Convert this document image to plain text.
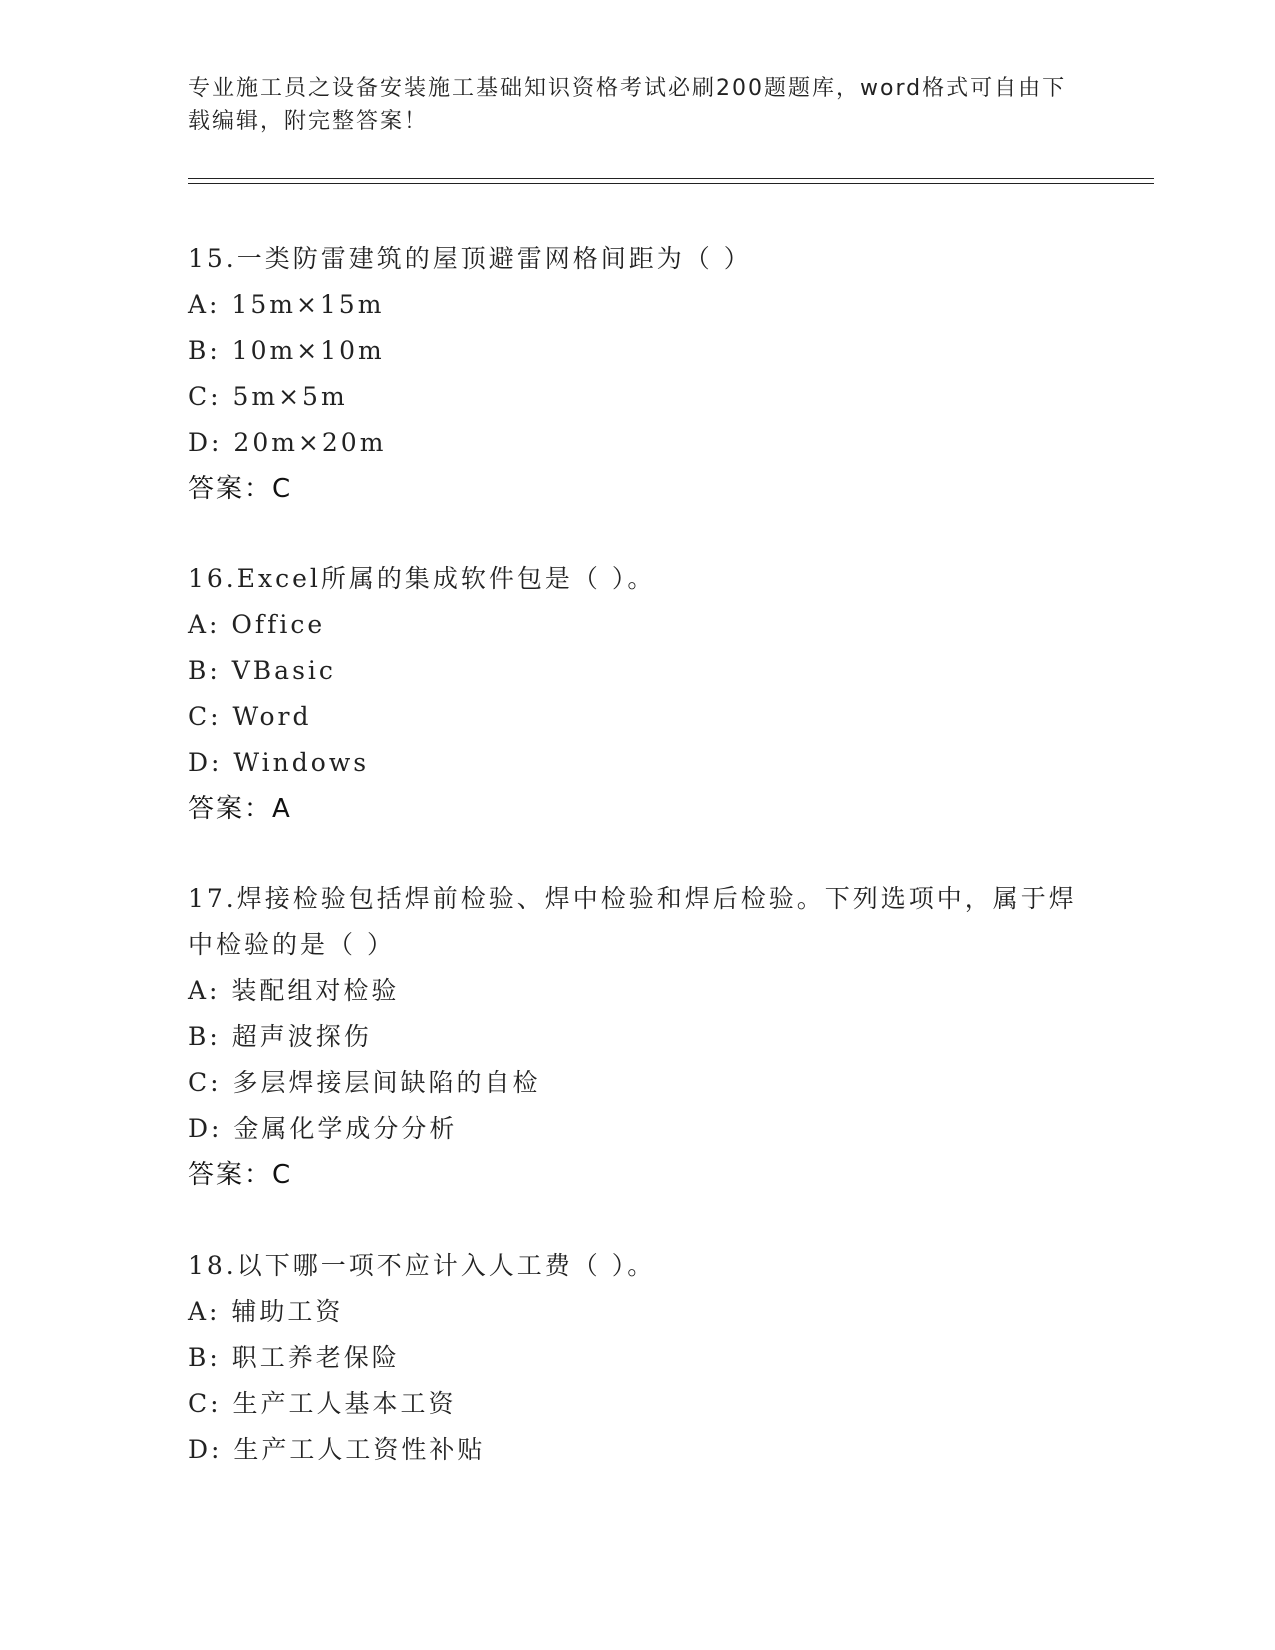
专业施工员之设备安装施工基础知识资格考试必刷200题题库，word格式可自由下载编辑，附完整答案！
15.一类防雷建筑的屋顶避雷网格间距为（ ）
A: 15m×15m
B: 10m×10m
C: 5m×5m
D: 20m×20m
答案：C
16.Excel所属的集成软件包是（ ）。
A: Office
B: VBasic
C: Word
D: Windows
答案：A
17.焊接检验包括焊前检验、焊中检验和焊后检验。下列选项中，属于焊中检验的是（ ）
A: 装配组对检验
B: 超声波探伤
C: 多层焊接层间缺陷的自检
D: 金属化学成分分析
答案：C
18.以下哪一项不应计入人工费（ ）。
A: 辅助工资
B: 职工养老保险
C: 生产工人基本工资
D: 生产工人工资性补贴
